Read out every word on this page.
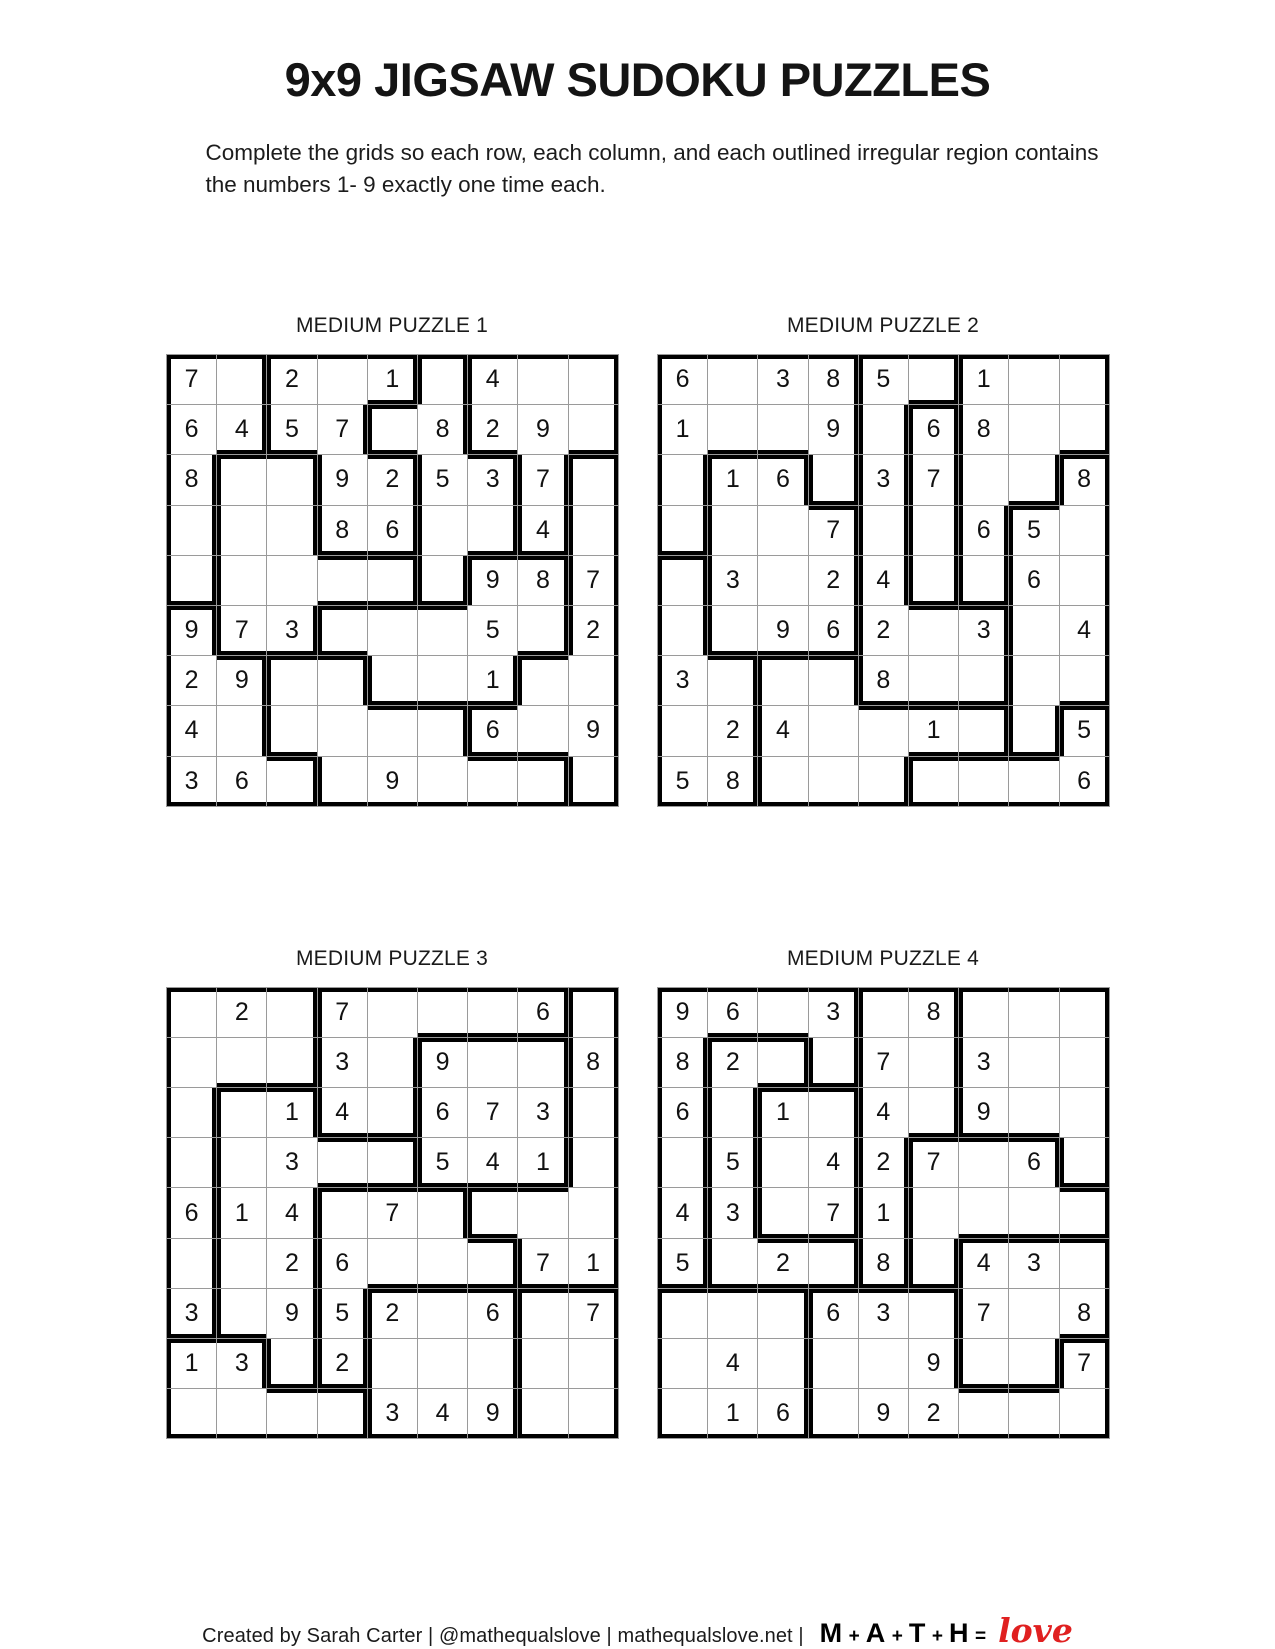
9x9 JIGSAW SUDOKU PUZZLES

Complete the grids so each row, each column, and each outlined irregular region contains the numbers 1- 9 exactly one time each.

MEDIUM PUZZLE 1
7		2		1		4		
6	4	5	7		8	2	9	
8			9	2	5	3	7	
			8	6			4	
						9	8	7
9	7	3				5		2
2	9					1		
4						6		9
3	6			9				
MEDIUM PUZZLE 2
6		3	8	5		1		
1			9		6	8		
	1	6		3	7			8
			7			6	5	
	3		2	4			6	
		9	6	2		3		4
3				8				
	2	4			1			5
5	8							6
MEDIUM PUZZLE 3
	2		7				6	
			3		9			8
		1	4		6	7	3	
		3			5	4	1	
6	1	4		7				
		2	6				7	1
3		9	5	2		6		7
1	3		2					
				3	4	9		
MEDIUM PUZZLE 4
9	6		3		8			
8	2			7		3		
6		1		4		9		
	5		4	2	7		6	
4	3		7	1				
5		2		8		4	3	
			6	3		7		8
	4				9			7
	1	6		9	2			
Created by Sarah Carter | @mathequalslove | mathequalslove.net | M + A + T + H = love
